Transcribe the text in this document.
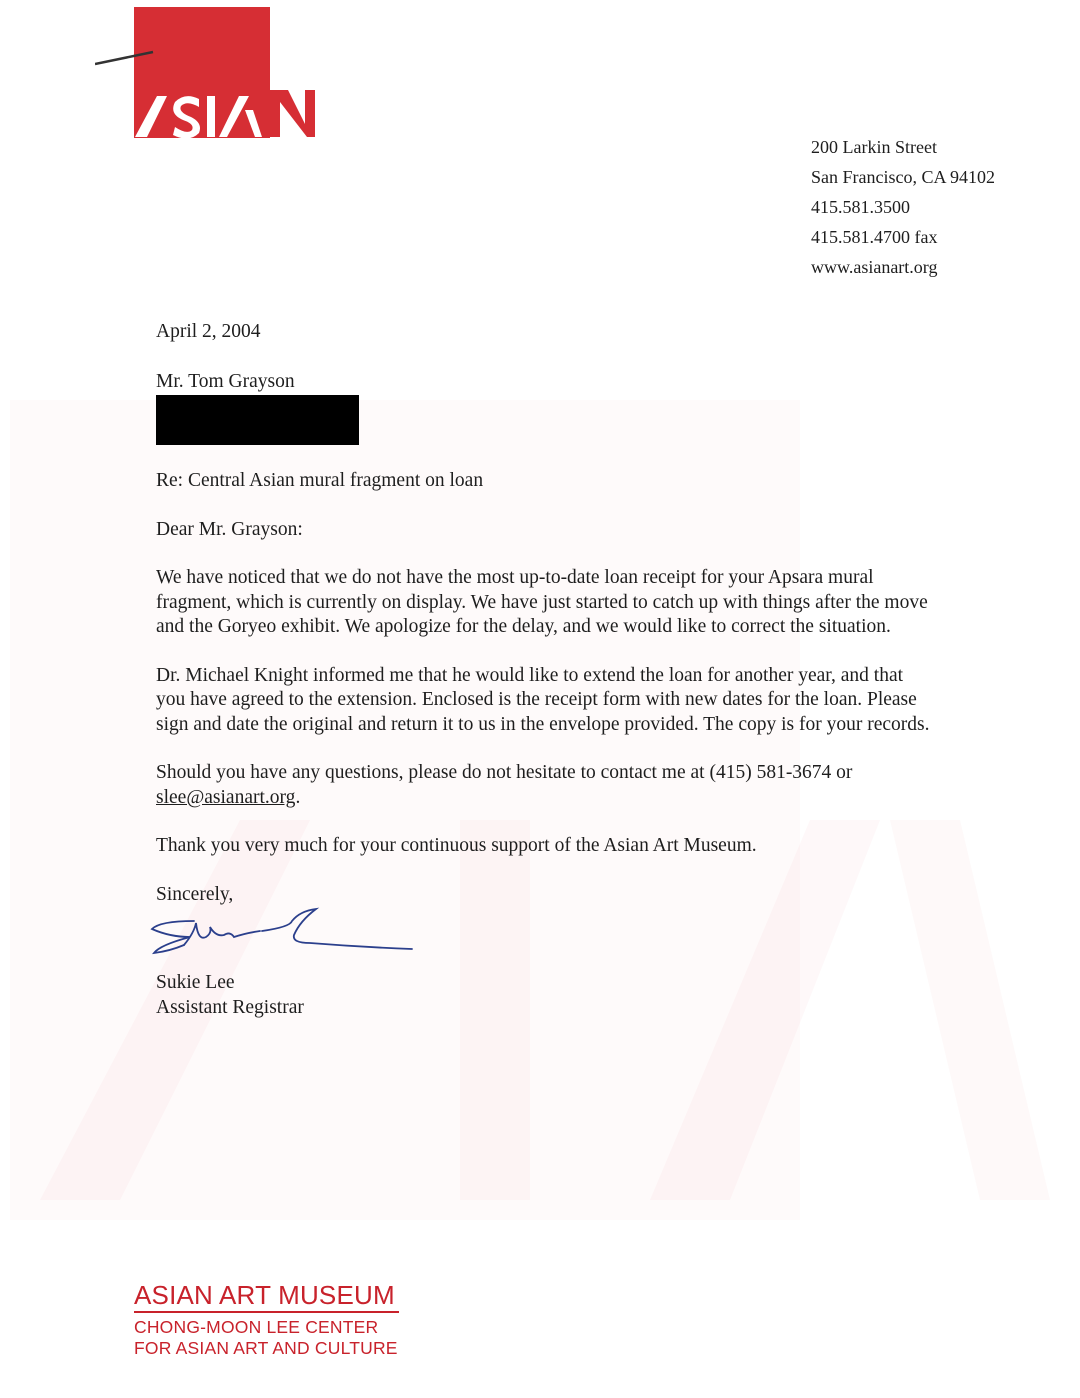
200 Larkin Street
San Francisco, CA 94102
415.581.3500
415.581.4700 fax
www.asianart.org

April 2, 2004

Mr. Tom Grayson

Re: Central Asian mural fragment on loan

Dear Mr. Grayson:

We have noticed that we do not have the most up-to-date loan receipt for your Apsara mural fragment, which is currently on display. We have just started to catch up with things after the move and the Goryeo exhibit. We apologize for the delay, and we would like to correct the situation.

Dr. Michael Knight informed me that he would like to extend the loan for another year, and that you have agreed to the extension. Enclosed is the receipt form with new dates for the loan. Please sign and date the original and return it to us in the envelope provided. The copy is for your records.

Should you have any questions, please do not hesitate to contact me at (415) 581-3674 or slee@asianart.org.

Thank you very much for your continuous support of the Asian Art Museum.

Sincerely,

Sukie Lee

Assistant Registrar

ASIAN ART MUSEUM
CHONG-MOON LEE CENTER
FOR ASIAN ART AND CULTURE
